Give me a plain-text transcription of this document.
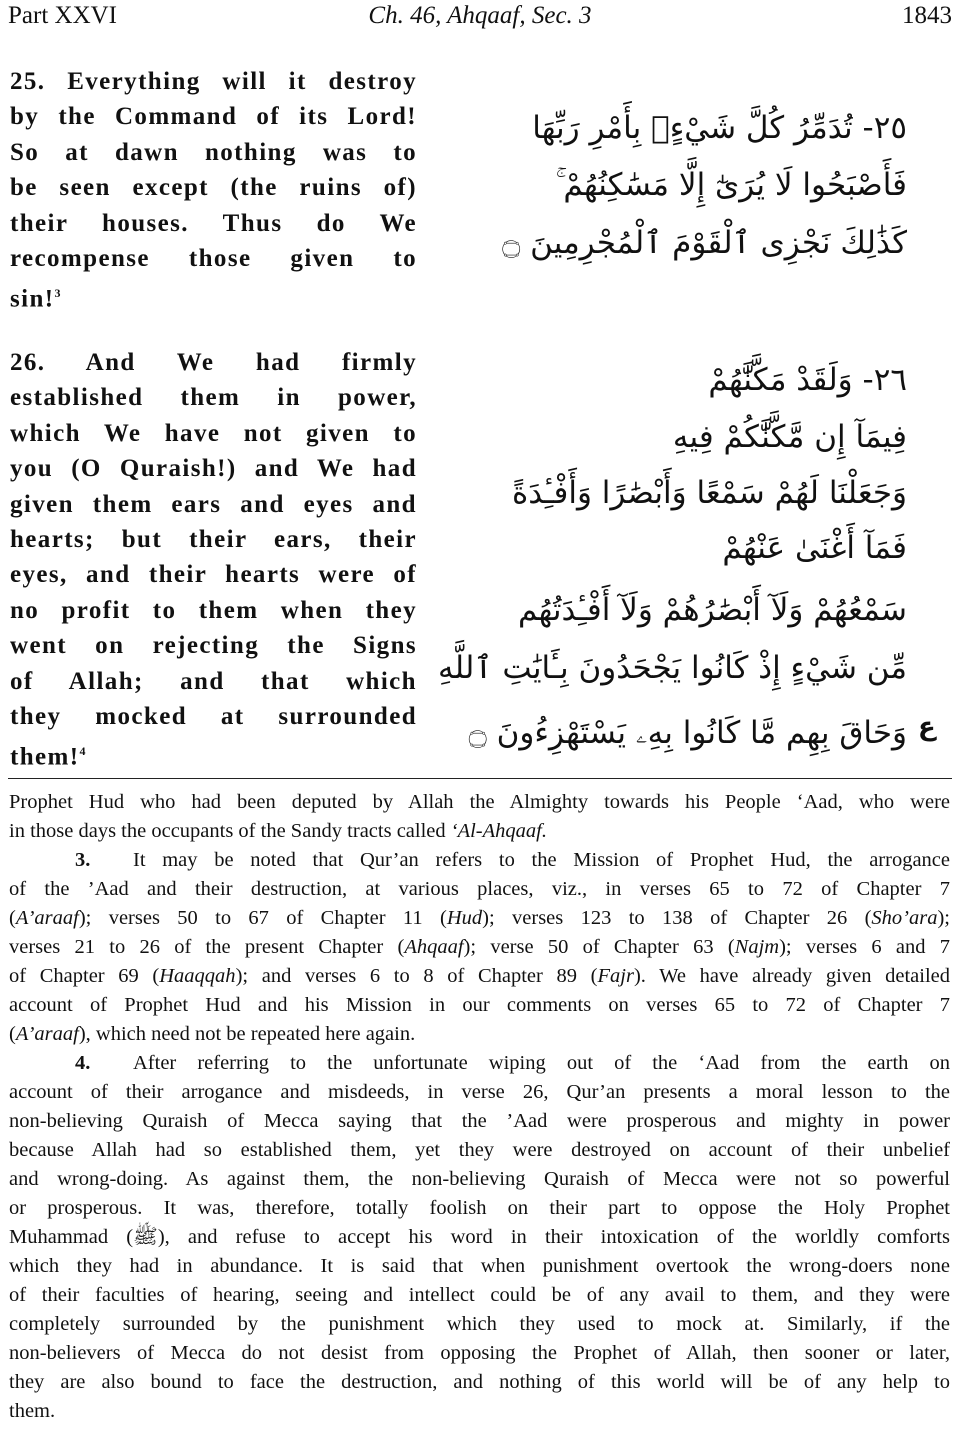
Part XXVI	Ch. 46, Ahqaaf, Sec. 3	1843
25. Everything will it destroy
by the Command of its Lord!
So at dawn nothing was to
be seen except (the ruins of)
their houses. Thus do We
recompense those given to
sin!$^3$
26. And We had firmly
established them in power,
which We have not given to
you (O Quraish!) and We had
given them ears and eyes and
hearts; but their ears, their
eyes, and their hearts were of
no profit to them when they
went on rejecting the Signs
of Allah; and that which
they mocked at surrounded
them!$^4$
٢٥- تُدَمِّرُ كُلَّ شَيْءٍۢ بِأَمْرِ رَبِّهَا
فَأَصْبَحُوا لَا يُرَىٰٓ إِلَّا مَسَٰكِنُهُمْ ۚ
كَذَٰلِكَ نَجْزِى ٱلْقَوْمَ ٱلْمُجْرِمِينَ ۝
٢٦- وَلَقَدْ مَكَّنَّٰهُمْ
فِيمَآ إِن مَّكَّنَّٰكُمْ فِيهِ
وَجَعَلْنَا لَهُمْ سَمْعًا وَأَبْصَٰرًا وَأَفْـِٔدَةً
فَمَآ أَغْنَىٰ عَنْهُمْ
سَمْعُهُمْ وَلَآ أَبْصَٰرُهُمْ وَلَآ أَفْـِٔدَتُهُم
مِّن شَيْءٍ إِذْ كَانُوا يَجْحَدُونَ بِـَٔايَٰتِ ٱللَّهِ
وَحَاقَ بِهِم مَّا كَانُوا بِهِۦ يَسْتَهْزِءُونَ ۝ ع
Prophet Hud who had been deputed by Allah the Almighty towards his People ‘Aad, who were
in those days the occupants of the Sandy tracts called ‘Al-Ahqaaf.
3. It may be noted that Qur’an refers to the Mission of Prophet Hud, the arrogance
of the ’Aad and their destruction, at various places, viz., in verses 65 to 72 of Chapter 7
(A’araaf); verses 50 to 67 of Chapter 11 (Hud); verses 123 to 138 of Chapter 26 (Sho’ara);
verses 21 to 26 of the present Chapter (Ahqaaf); verse 50 of Chapter 63 (Najm); verses 6 and 7
of Chapter 69 (Haaqqah); and verses 6 to 8 of Chapter 89 (Fajr). We have already given detailed
account of Prophet Hud and his Mission in our comments on verses 65 to 72 of Chapter 7
(A’araaf), which need not be repeated here again.
4. After referring to the unfortunate wiping out of the ‘Aad from the earth on
account of their arrogance and misdeeds, in verse 26, Qur’an presents a moral lesson to the
non-believing Quraish of Mecca saying that the ’Aad were prosperous and mighty in power
because Allah had so established them, yet they were destroyed on account of their unbelief
and wrong-doing. As against them, the non-believing Quraish of Mecca were not so powerful
or prosperous. It was, therefore, totally foolish on their part to oppose the Holy Prophet
Muhammad (ﷺ), and refuse to accept his word in their intoxication of the worldly comforts
which they had in abundance. It is said that when punishment overtook the wrong-doers none
of their faculties of hearing, seeing and intellect could be of any avail to them, and they were
completely surrounded by the punishment which they used to mock at. Similarly, if the
non-believers of Mecca do not desist from opposing the Prophet of Allah, then sooner or later,
they are also bound to face the destruction, and nothing of this world will be of any help to
them.
